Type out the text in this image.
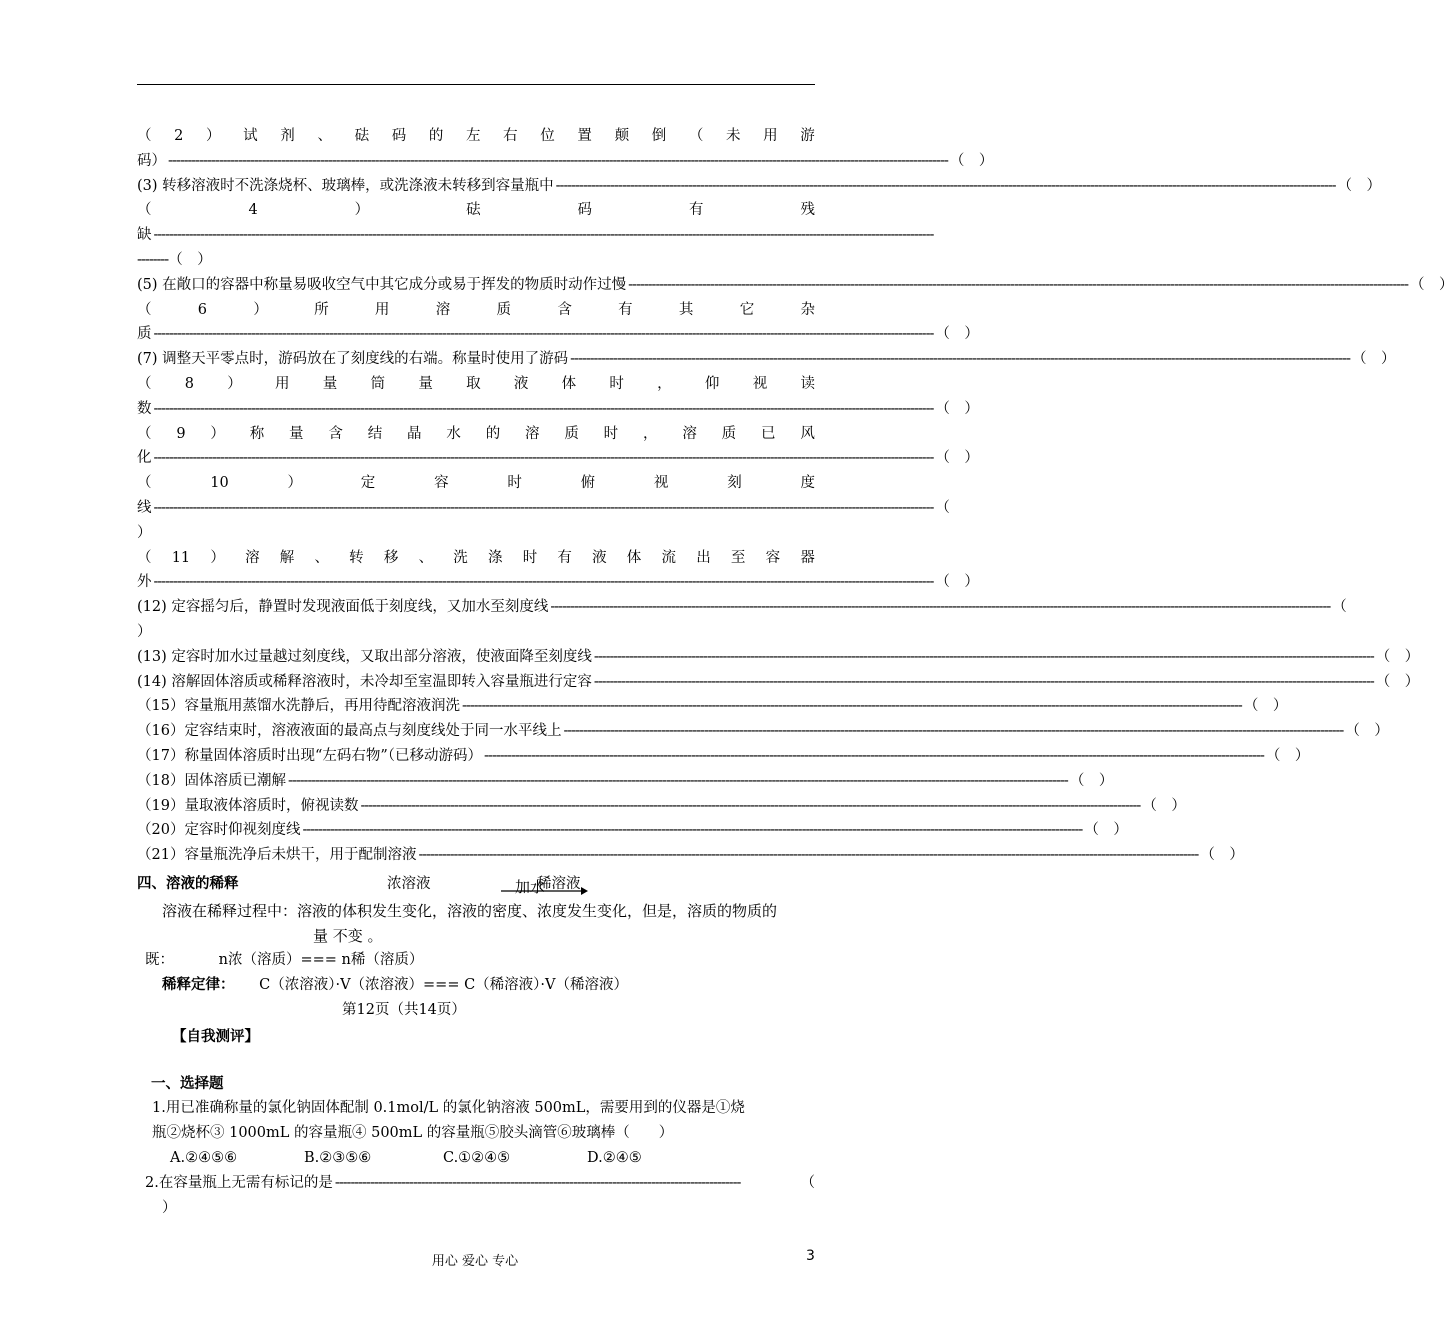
（ 2 ） 试 剂 、 砝 码 的 左 右 位 置 颠 倒 （ 未 用 游
码） -------------------------------------------------------------------------------------------------------------------------------------------------------------------------------------------------------- （　）
(3) 转移溶液时不洗涤烧杯、玻璃棒，或洗涤液未转移到容量瓶中 -------------------------------------------------------------------------------------------------------------------------------------------------------------------------------------------------------- （　）
（	4	）	砝	码	有	残
缺 --------------------------------------------------------------------------------------------------------------------------------------------------------------------------------------------------------
-------- （　）
(5) 在敞口的容器中称量易吸收空气中其它成分或易于挥发的物质时动作过慢 -------------------------------------------------------------------------------------------------------------------------------------------------------------------------------------------------------- （　）
（	6	）	所	用	溶	质	含	有	其	它	杂
质 -------------------------------------------------------------------------------------------------------------------------------------------------------------------------------------------------------- （　）
(7) 调整天平零点时，游码放在了刻度线的右端。称量时使用了游码 -------------------------------------------------------------------------------------------------------------------------------------------------------------------------------------------------------- （　）
（ 8 ） 用 量 筒 量 取 液 体 时 ， 仰 视 读
数 -------------------------------------------------------------------------------------------------------------------------------------------------------------------------------------------------------- （　）
（ 9 ） 称 量 含 结 晶 水 的 溶 质 时 ， 溶 质 已 风
化 -------------------------------------------------------------------------------------------------------------------------------------------------------------------------------------------------------- （　）
（	10	）	定	容	时	俯	视	刻	度
线 -------------------------------------------------------------------------------------------------------------------------------------------------------------------------------------------------------- （
）
（ 11 ） 溶 解 、 转 移 、 洗 涤 时 有 液 体 流 出 至 容 器
外 -------------------------------------------------------------------------------------------------------------------------------------------------------------------------------------------------------- （　）
(12) 定容摇匀后，静置时发现液面低于刻度线，又加水至刻度线 -------------------------------------------------------------------------------------------------------------------------------------------------------------------------------------------------------- （
）
(13) 定容时加水过量越过刻度线，又取出部分溶液，使液面降至刻度线 -------------------------------------------------------------------------------------------------------------------------------------------------------------------------------------------------------- （　）
(14) 溶解固体溶质或稀释溶液时，未冷却至室温即转入容量瓶进行定容 -------------------------------------------------------------------------------------------------------------------------------------------------------------------------------------------------------- （　）
（15）容量瓶用蒸馏水洗静后，再用待配溶液润洗 -------------------------------------------------------------------------------------------------------------------------------------------------------------------------------------------------------- （　）
（16）定容结束时，溶液液面的最高点与刻度线处于同一水平线上 -------------------------------------------------------------------------------------------------------------------------------------------------------------------------------------------------------- （　）
（17）称量固体溶质时出现“左码右物”（已移动游码） -------------------------------------------------------------------------------------------------------------------------------------------------------------------------------------------------------- （　）
（18）固体溶质已潮解 -------------------------------------------------------------------------------------------------------------------------------------------------------------------------------------------------------- （　）
（19）量取液体溶质时，俯视读数 -------------------------------------------------------------------------------------------------------------------------------------------------------------------------------------------------------- （　）
（20）定容时仰视刻度线 -------------------------------------------------------------------------------------------------------------------------------------------------------------------------------------------------------- （　）
（21）容量瓶洗净后未烘干，用于配制溶液 -------------------------------------------------------------------------------------------------------------------------------------------------------------------------------------------------------- （　）
四、溶液的稀释	浓溶液	加水
稀溶液
溶液在稀释过程中：溶液的体积发生变化，溶液的密度、浓度发生变化，但是，溶质的物质的
量 不变 。
既：	n浓（溶质）=== n稀（溶质）
稀释定律： C（浓溶液）·V（浓溶液）=== C（稀溶液）·V（稀溶液）
第12页（共14页）
【自我测评】
一、选择题
1.用已准确称量的氯化钠固体配制 0.1mol/L 的氯化钠溶液 500mL，需要用到的仪器是①烧
瓶②烧杯③ 1000mL 的容量瓶④ 500mL 的容量瓶⑤胶头滴管⑥玻璃棒（　　）
A.②④⑤⑥	B.②③⑤⑥	C.①②④⑤	D.②④⑤
2.在容量瓶上无需有标记的是 --------------------------------------------------------------------------------------------------------	（
）
用心 爱心 专心	3
